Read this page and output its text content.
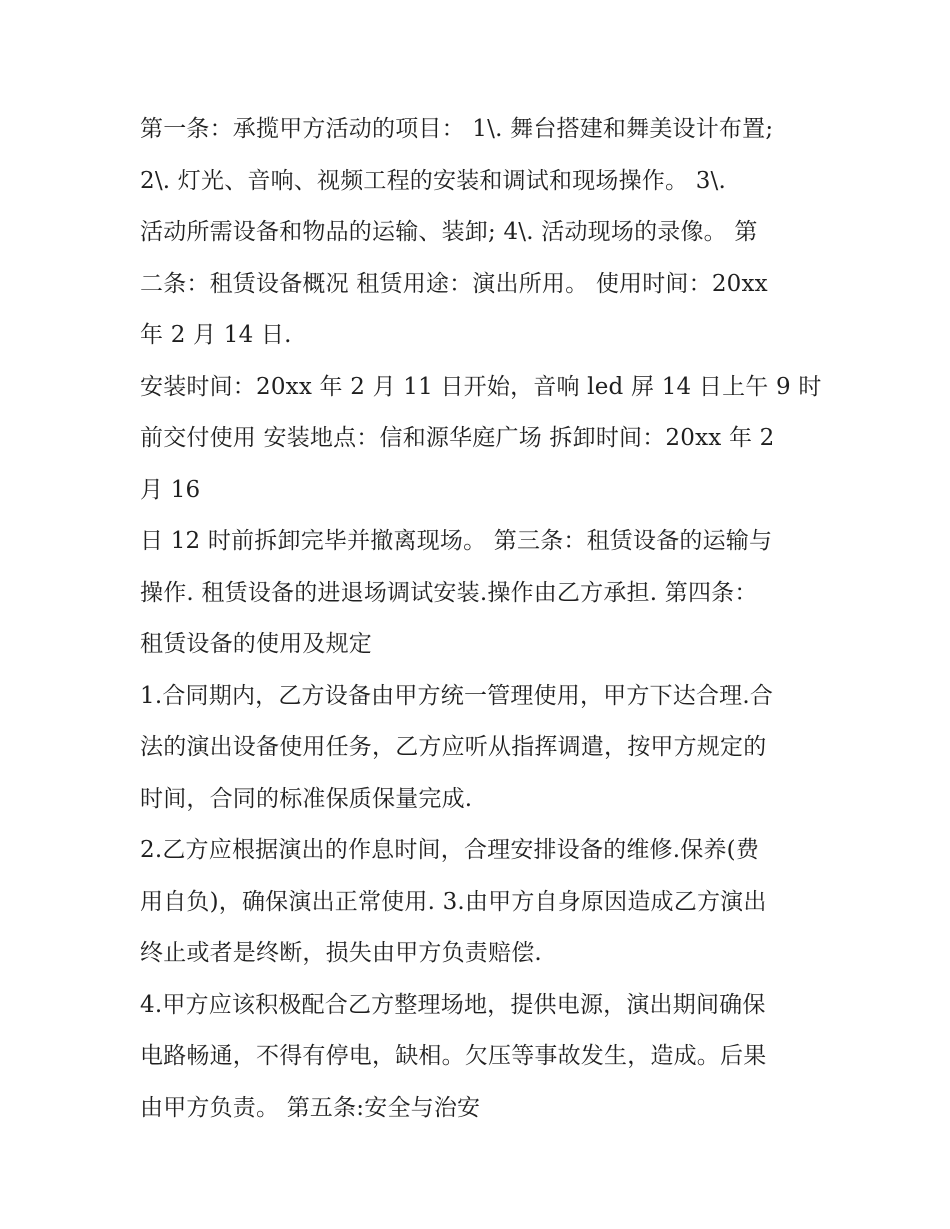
第一条：承揽甲方活动的项目： 1\. 舞台搭建和舞美设计布置;
2\. 灯光、音响、视频工程的安装和调试和现场操作。 3\.
活动所需设备和物品的运输、装卸; 4\. 活动现场的录像。 第
二条：租赁设备概况 租赁用途：演出所用。 使用时间：20xx
年 2 月 14 日.
安装时间：20xx 年 2 月 11 日开始，音响 led 屏 14 日上午 9 时
前交付使用 安装地点：信和源华庭广场 拆卸时间：20xx 年 2
月 16
日 12 时前拆卸完毕并撤离现场。 第三条：租赁设备的运输与
操作. 租赁设备的进退场调试安装.操作由乙方承担. 第四条：
租赁设备的使用及规定
1.合同期内，乙方设备由甲方统一管理使用，甲方下达合理.合
法的演出设备使用任务，乙方应听从指挥调遣，按甲方规定的
时间，合同的标准保质保量完成.
2.乙方应根据演出的作息时间，合理安排设备的维修.保养(费
用自负)，确保演出正常使用. 3.由甲方自身原因造成乙方演出
终止或者是终断，损失由甲方负责赔偿.
4.甲方应该积极配合乙方整理场地，提供电源，演出期间确保
电路畅通，不得有停电，缺相。欠压等事故发生，造成。后果
由甲方负责。 第五条:安全与治安
